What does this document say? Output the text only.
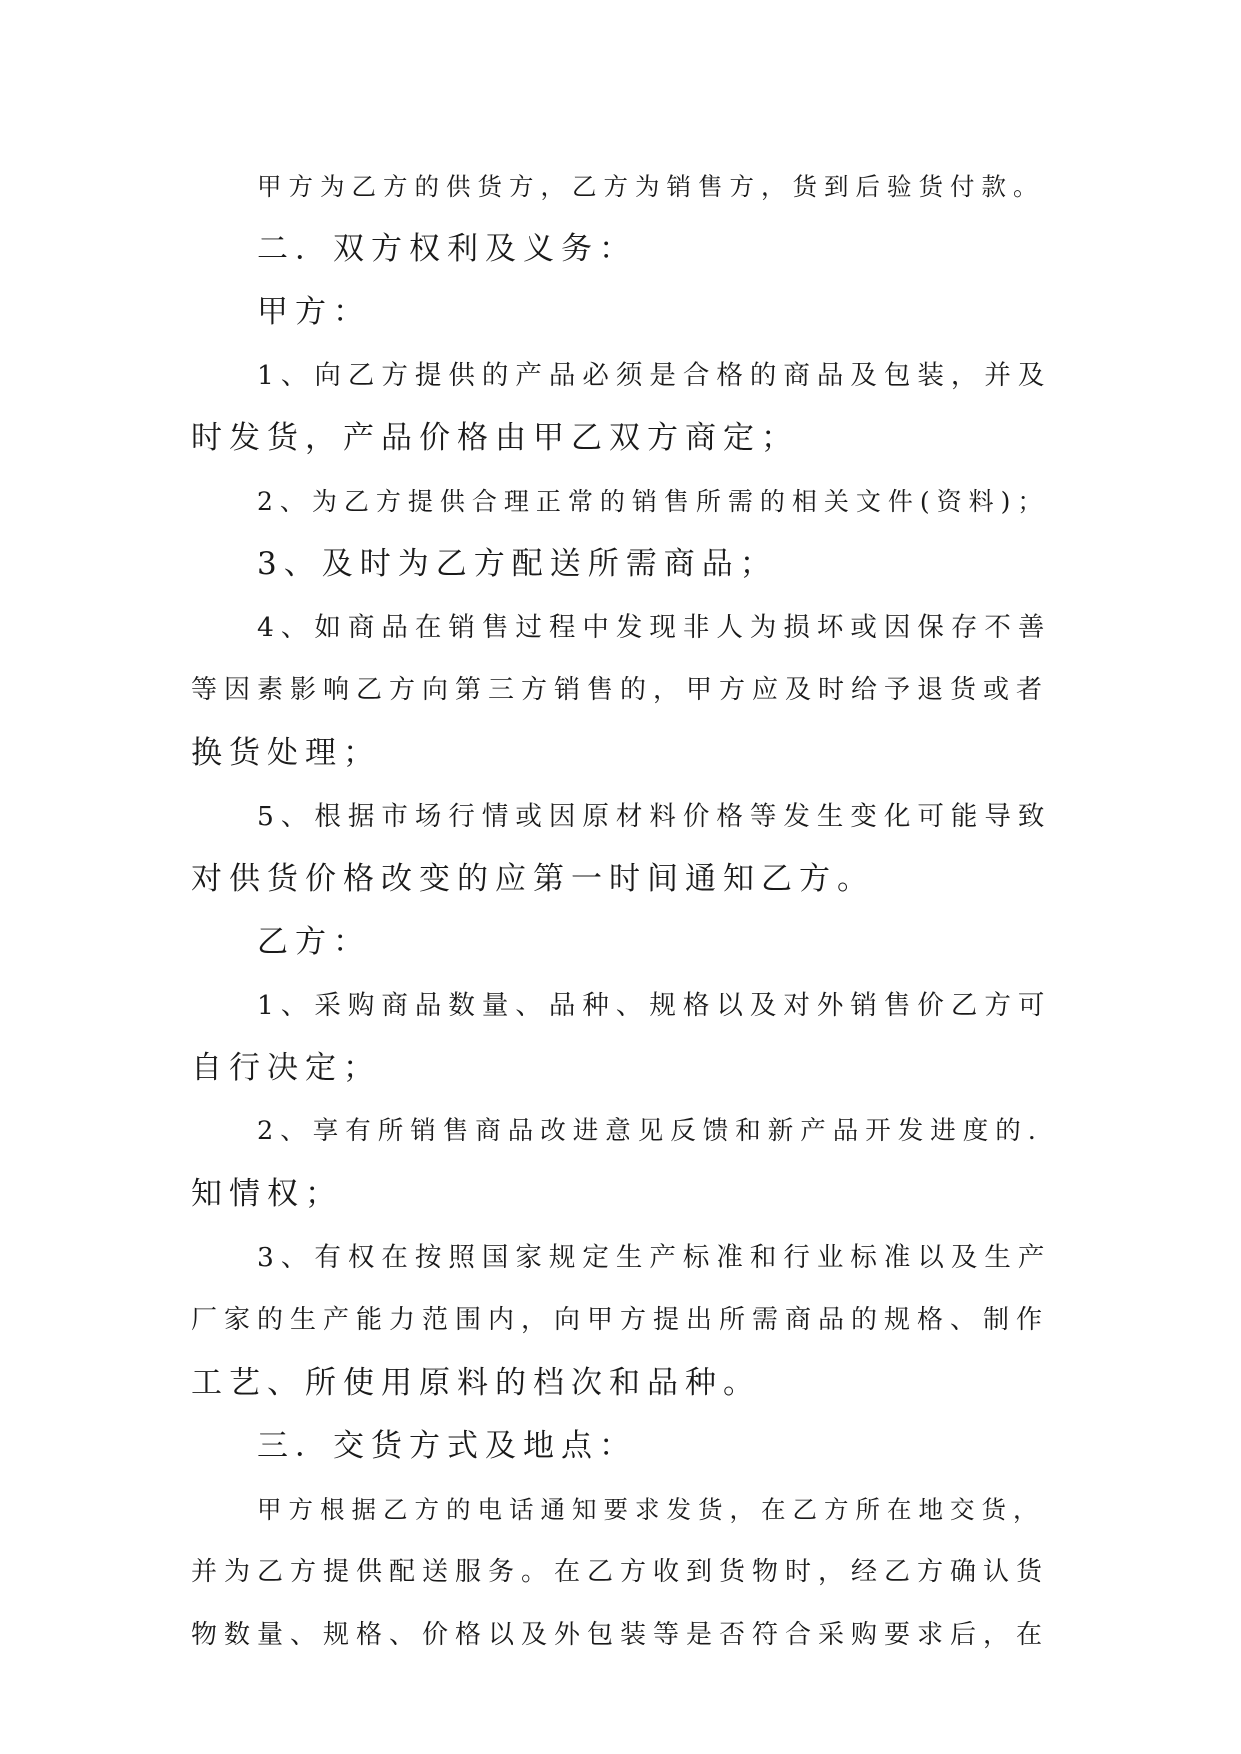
甲方为乙方的供货方，乙方为销售方，货到后验货付款。

二．双方权利及义务：

甲方：

1、向乙方提供的产品必须是合格的商品及包装，并及

时发货，产品价格由甲乙双方商定；

2、为乙方提供合理正常的销售所需的相关文件(资料)；

3、及时为乙方配送所需商品；

4、如商品在销售过程中发现非人为损坏或因保存不善

等因素影响乙方向第三方销售的，甲方应及时给予退货或者

换货处理；

5、根据市场行情或因原材料价格等发生变化可能导致

对供货价格改变的应第一时间通知乙方。

乙方：

1、采购商品数量、品种、规格以及对外销售价乙方可

自行决定；

2、享有所销售商品改进意见反馈和新产品开发进度的.

知情权；

3、有权在按照国家规定生产标准和行业标准以及生产

厂家的生产能力范围内，向甲方提出所需商品的规格、制作

工艺、所使用原料的档次和品种。

三．交货方式及地点：

甲方根据乙方的电话通知要求发货，在乙方所在地交货，

并为乙方提供配送服务。在乙方收到货物时，经乙方确认货

物数量、规格、价格以及外包装等是否符合采购要求后，在
